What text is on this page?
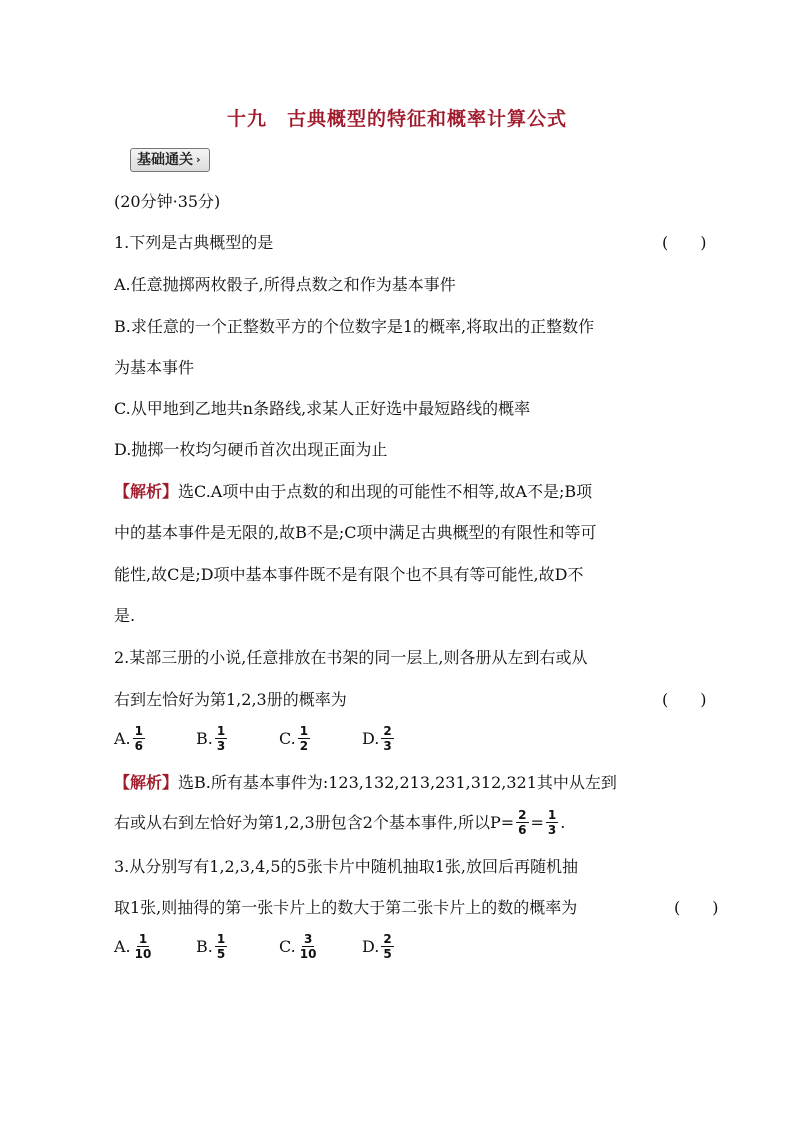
十九　古典概型的特征和概率计算公式
基础通关 ›
(20分钟·35分)
1.下列是古典概型的是	(　　)
A.任意抛掷两枚骰子,所得点数之和作为基本事件
B.求任意的一个正整数平方的个位数字是1的概率,将取出的正整数作
为基本事件
C.从甲地到乙地共n条路线,求某人正好选中最短路线的概率
D.抛掷一枚均匀硬币首次出现正面为止
【解析】选C.A项中由于点数的和出现的可能性不相等,故A不是;B项
中的基本事件是无限的,故B不是;C项中满足古典概型的有限性和等可
能性,故C是;D项中基本事件既不是有限个也不具有等可能性,故D不
是.
2.某部三册的小说,任意排放在书架的同一层上,则各册从左到右或从
右到左恰好为第1,2,3册的概率为	(　　)
A. $\frac{1}{6}$	B. $\frac{1}{3}$	C. $\frac{1}{2}$	D. $\frac{2}{3}$
【解析】选B.所有基本事件为:123,132,213,231,312,321其中从左到
右或从右到左恰好为第1,2,3册包含2个基本事件,所以$P= \frac{2}{6} = \frac{1}{3}$ .
3.从分别写有1,2,3,4,5的5张卡片中随机抽取1张,放回后再随机抽
取1张,则抽得的第一张卡片上的数大于第二张卡片上的数的概率为	(　　)
A. $\frac{1}{10}$	B. $\frac{1}{5}$	C. $\frac{3}{10}$	D. $\frac{2}{5}$
